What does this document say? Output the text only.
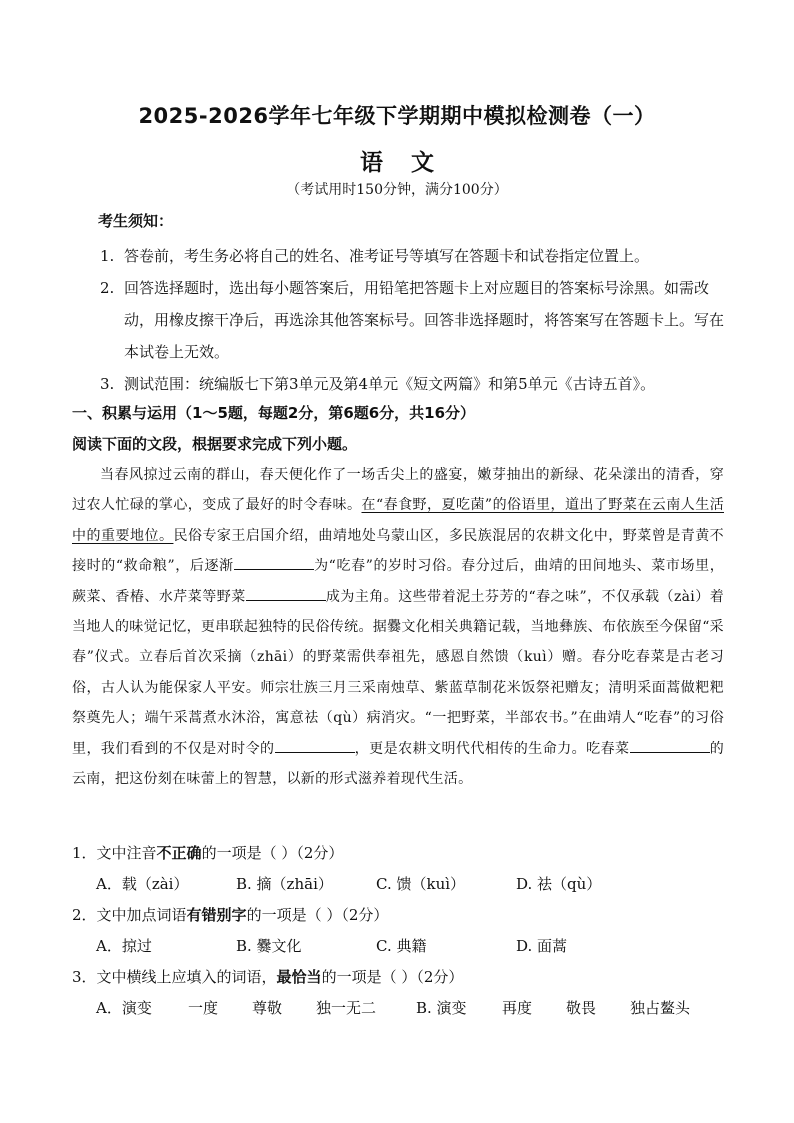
2025-2026学年七年级下学期期中模拟检测卷（一）
语 文
（考试用时150分钟，满分100分）
考生须知：
1. 答卷前，考生务必将自己的姓名、准考证号等填写在答题卡和试卷指定位置上。
2. 回答选择题时，选出每小题答案后，用铅笔把答题卡上对应题目的答案标号涂黑。如需改动，用橡皮擦干净后，再选涂其他答案标号。回答非选择题时，将答案写在答题卡上。写在本试卷上无效。
3. 测试范围：统编版七下第3单元及第4单元《短文两篇》和第5单元《古诗五首》。
一、积累与运用（1～5题，每题2分，第6题6分，共16分）
阅读下面的文段，根据要求完成下列小题。
当春风掠过云南的群山，春天便化作了一场舌尖上的盛宴，嫩芽抽出的新绿、花朵漾出的清香，穿过农人忙碌的掌心，变成了最好的时令春味。在“春食野，夏吃菌”的俗语里，道出了野菜在云南人生活中的重要地位。民俗专家王启国介绍，曲靖地处乌蒙山区，多民族混居的农耕文化中，野菜曾是青黄不接时的“救命粮”，后逐渐	为“吃春”的岁时习俗。春分过后，曲靖的田间地头、菜市场里，蕨菜、香椿、水芹菜等野菜	成为主角。这些带着泥土芬芳的“春之味”，不仅承载（zài）着当地人的味觉记忆，更串联起独特的民俗传统。据爨文化相关典籍记载，当地彝族、布依族至今保留“采春”仪式。立春后首次采摘（zhāi）的野菜需供奉祖先，感恩自然馈（kuì）赠。春分吃春菜是古老习俗，古人认为能保家人平安。师宗壮族三月三采南烛草、紫蓝草制花米饭祭祀赠友；清明采面蒿做粑粑祭奠先人；端午采蒿煮水沐浴，寓意祛（qù）病消灾。“一把野菜，半部农书。”在曲靖人“吃春”的习俗里，我们看到的不仅是对时令的	，更是农耕文明代代相传的生命力。吃春菜	的云南，把这份刻在味蕾上的智慧，以新的形式滋养着现代生活。
1．文中注音不正确的一项是（ ）（2分）
A．载（zài）	B. 摘（zhāi）	C. 馈（kuì）	D. 祛（qù）
2．文中加点词语有错别字的一项是（ ）（2分）
A．掠过	B. 爨文化	C. 典籍	D. 面蒿
3．文中横线上应填入的词语，最恰当的一项是（ ）（2分）
A．演变	一度	尊敬	独一无二	B. 演变	再度	敬畏	独占鳌头
